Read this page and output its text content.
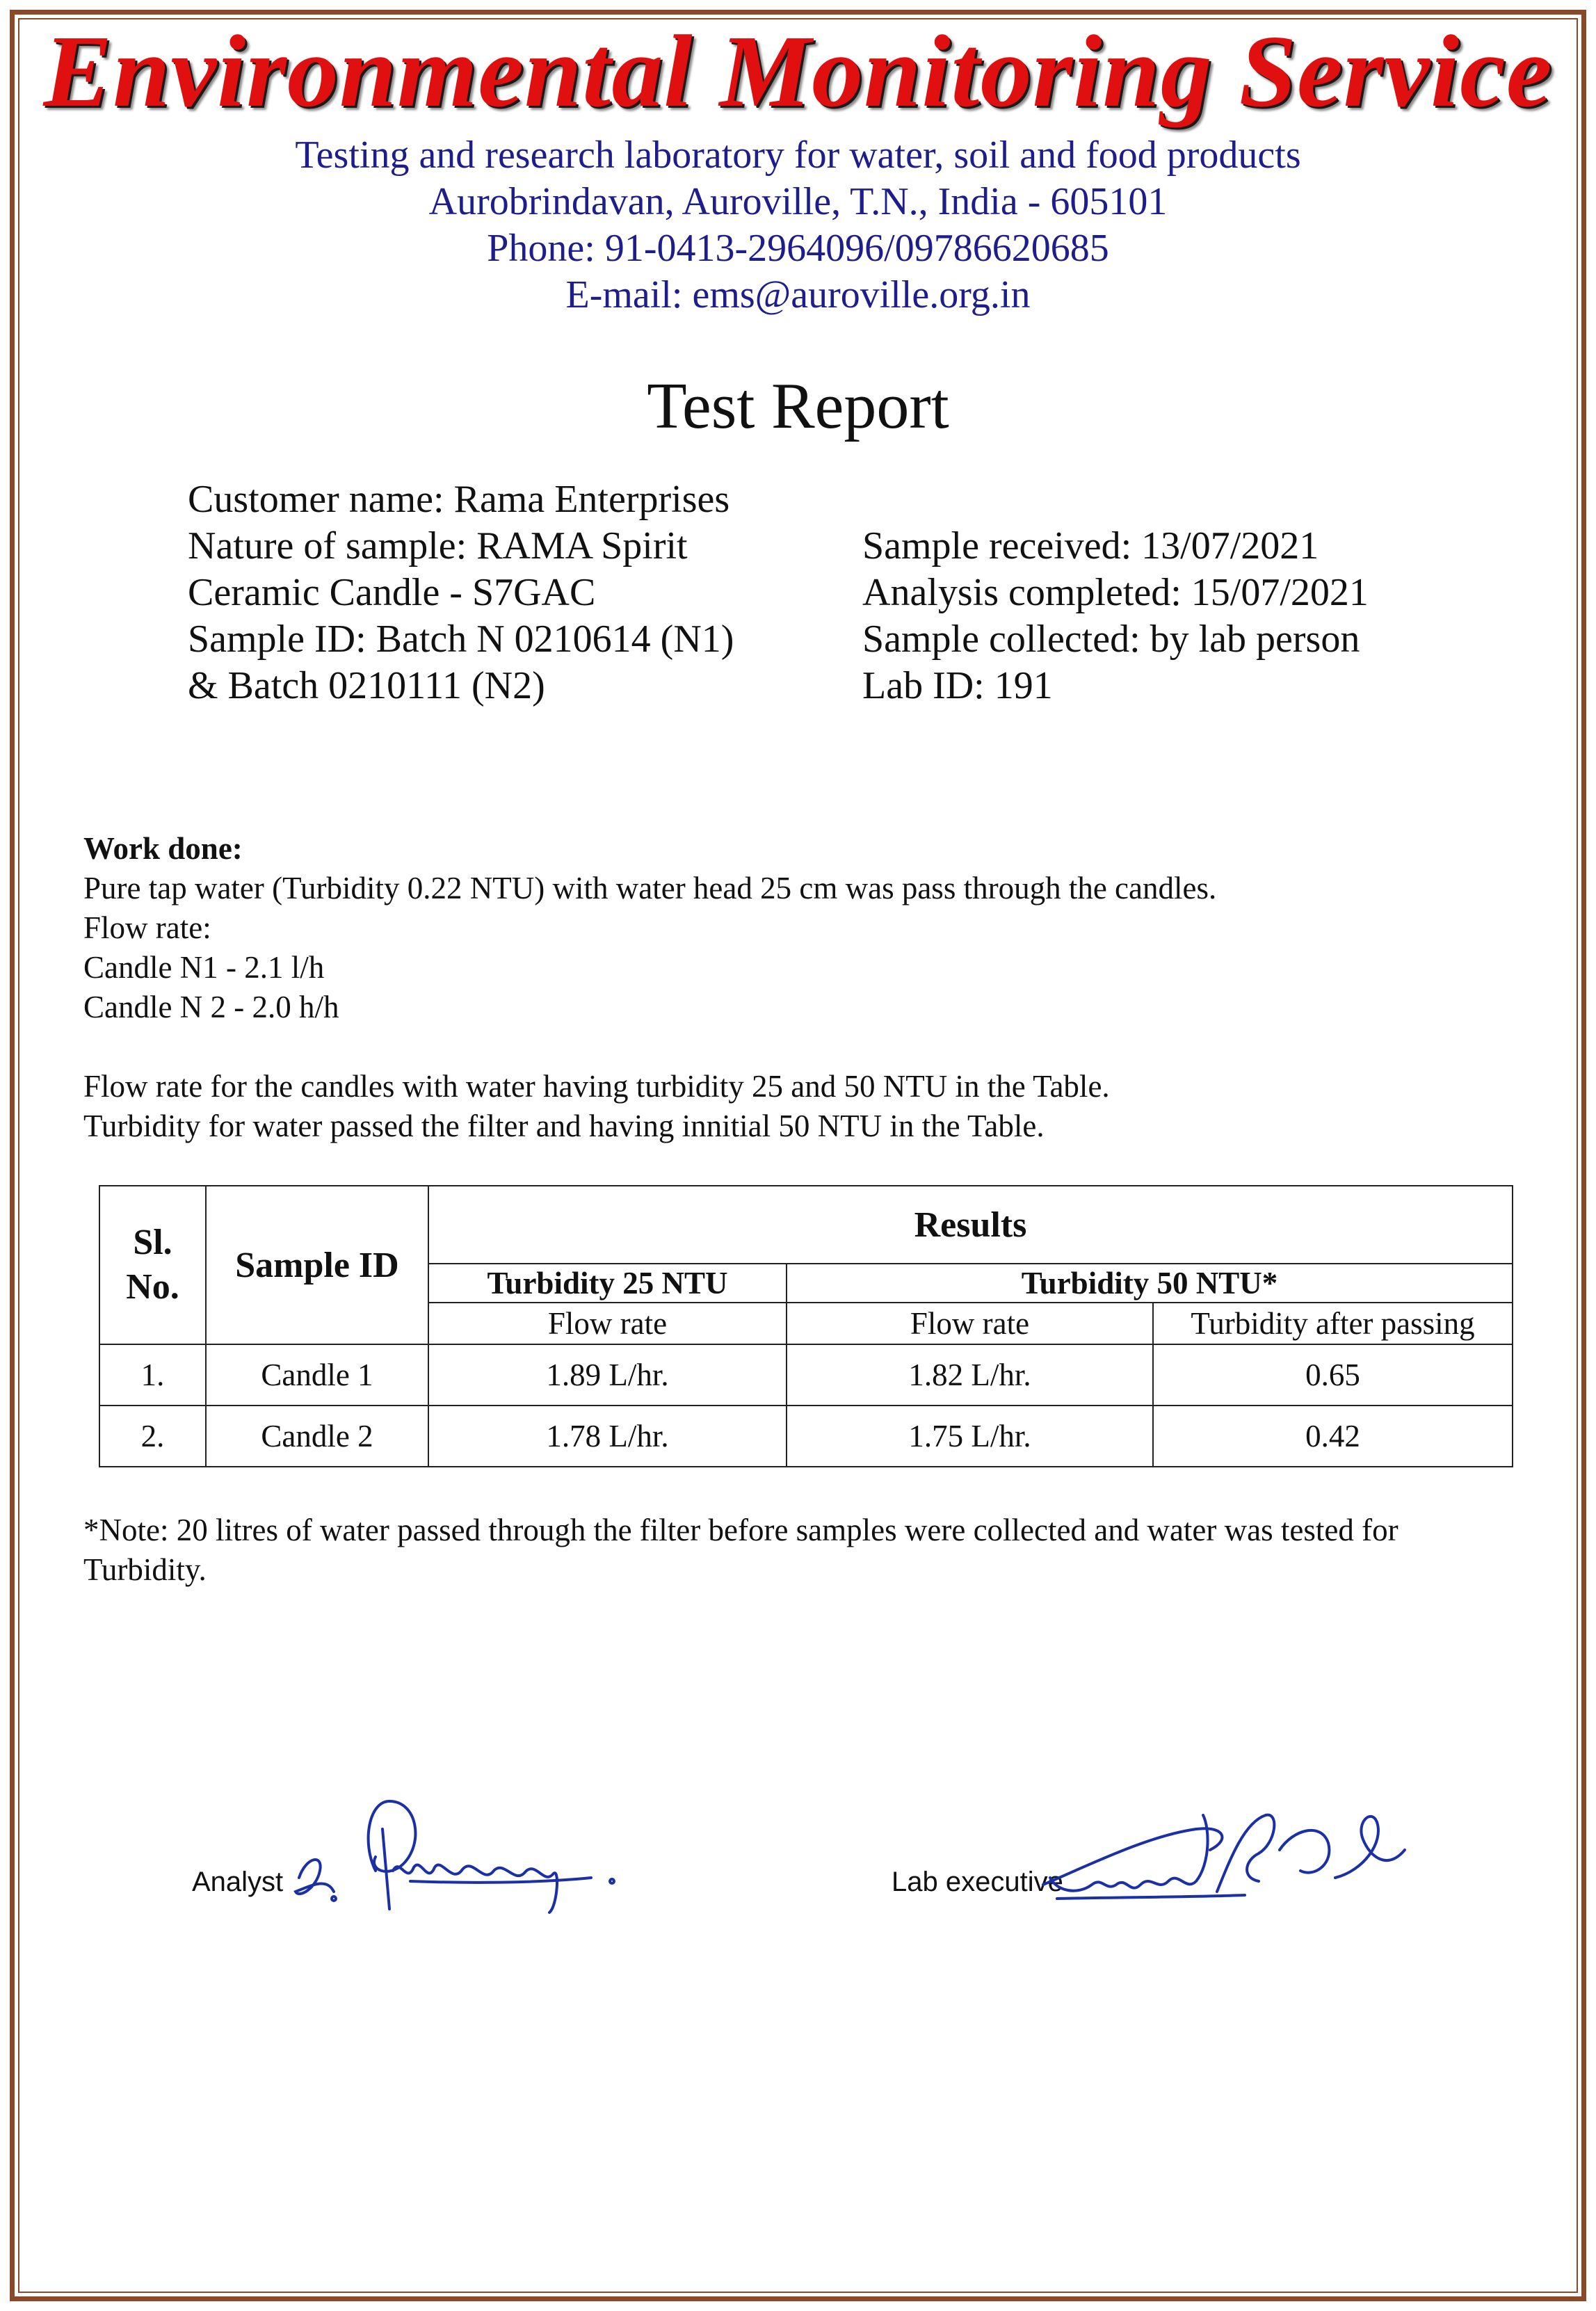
Environmental Monitoring Service
Testing and research laboratory for water, soil and food products
Aurobrindavan, Auroville, T.N., India - 605101
Phone: 91-0413-2964096/09786620685
E-mail: ems@auroville.org.in
Test Report
Customer name: Rama Enterprises
Nature of sample: RAMA Spirit
Ceramic Candle - S7GAC
Sample ID: Batch N 0210614 (N1)
& Batch 0210111 (N2)
Sample received: 13/07/2021
Analysis completed: 15/07/2021
Sample collected: by lab person
Lab ID: 191
Work done:
Pure tap water (Turbidity 0.22 NTU) with water head 25 cm was pass through the candles.
Flow rate:
Candle N1 - 2.1 l/h
Candle N 2 - 2.0 h/h
Flow rate for the candles with water having turbidity 25 and 50 NTU in the Table.
Turbidity for water passed the filter and having innitial 50 NTU in the Table.
Sl.
No.	Sample ID	Results		
		Turbidity 25 NTU	Turbidity 50 NTU*	
		Flow rate	Flow rate	Turbidity after passing
1.	Candle 1	1.89 L/hr.	1.82 L/hr.	0.65
2.	Candle 2	1.78 L/hr.	1.75 L/hr.	0.42
*Note: 20 litres of water passed through the filter before samples were collected and water was tested for Turbidity.
Analyst	Lab executive
